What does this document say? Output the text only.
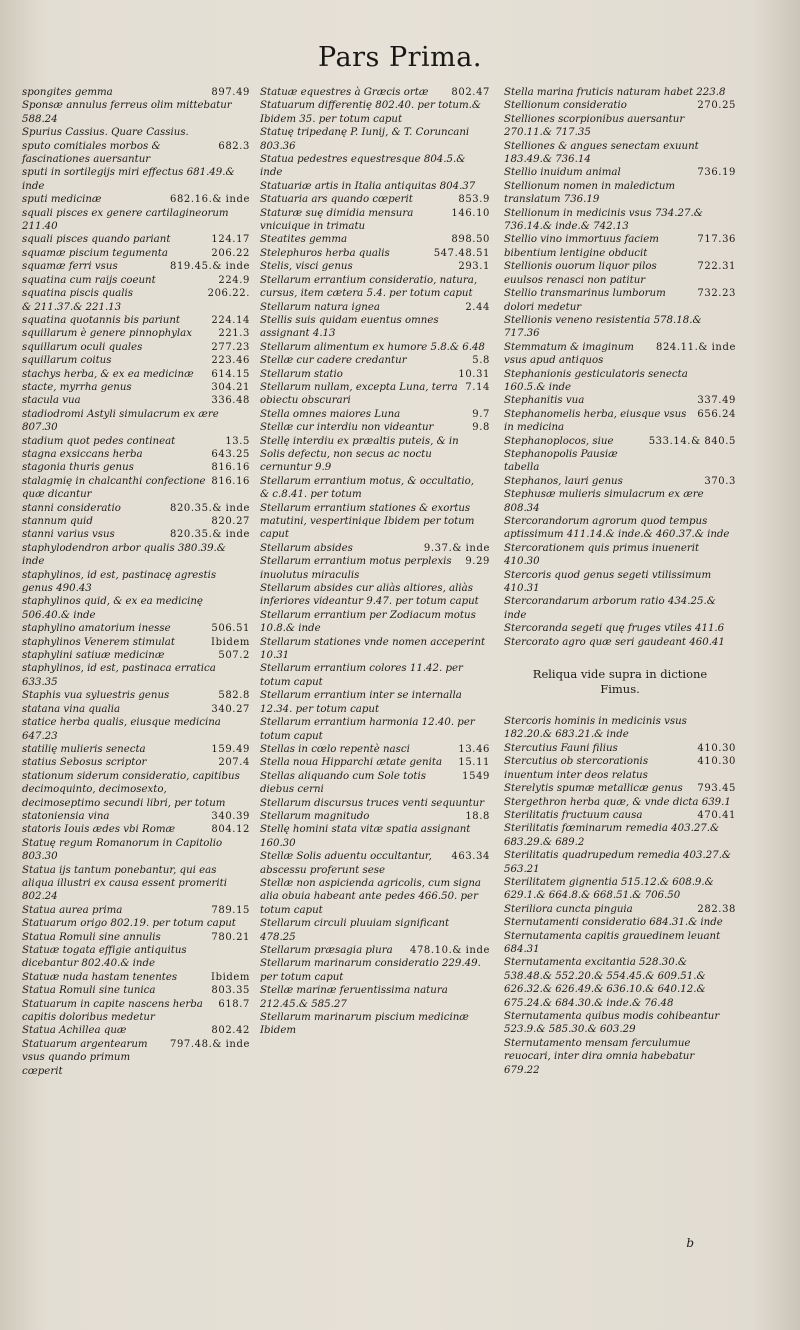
Pars Prima.
spongites gemma	897.49
Sponsæ annulus ferreus olim mittebatur 588.24
Spurius Cassius. Quare Cassius.
sputo comitiales morbos & fascinationes auersantur
682.3
sputi in sortilegijs miri effectus 681.49.& inde
sputi medicinæ	682.16.& inde
squali pisces ex genere cartilagineorum 211.40
squali pisces quando pariant	124.17
squamæ piscium tegumenta	206.22
squamæ ferri vsus	819.45.& inde
squatina cum raijs coeunt	224.9
squatina piscis qualis	206.22.
& 211.37.& 221.13
squatina quotannis bis pariunt	224.14
squillarum è genere pinnophylax	221.3
squillarum oculi quales	277.23
squillarum coitus	223.46
stachys herba, & ex ea medicinæ	614.15
stacte, myrrha genus	304.21
stacula vua	336.48
stadiodromi Astyli simulacrum ex ære 807.30
stadium quot pedes contineat	13.5
stagna exsiccans herba	643.25
stagonia thuris genus	816.16
stalagmię in chalcanthi confectione quæ dicantur
816.16
stanni consideratio	820.35.& inde
stannum quid	820.27
stanni varius vsus	820.35.& inde
staphylodendron arbor qualis 380.39.& inde
staphylinos, id est, pastinacę agrestis genus 490.43
staphylinos quid, & ex ea medicinę 506.40.& inde
staphylino amatorium inesse	506.51
staphylinos Venerem stimulat	Ibidem
staphylini satiuæ medicinæ	507.2
staphylinos, id est, pastinaca erratica 633.35
Staphis vua syluestris genus	582.8
statana vina qualia	340.27
statice herba qualis, eiusque medicina 647.23
statilię mulieris senecta	159.49
statius Sebosus scriptor	207.4
stationum siderum consideratio, capitibus decimoquinto, decimosexto, decimoseptimo secundi libri, per totum
statoniensia vina	340.39
statoris Iouis ædes vbi Romæ	804.12
Statuę regum Romanorum in Capitolio 803.30
Statua ijs tantum ponebantur, qui eas aliqua illustri ex causa essent promeriti 802.24
Statua aurea prima	789.15
Statuarum origo 802.19. per totum caput
Statua Romuli sine annulis	780.21
Statuæ togata effigie antiquitus dicebantur 802.40.& inde
Statuæ nuda hastam tenentes	Ibidem
Statua Romuli sine tunica	803.35
Statuarum in capite nascens herba capitis doloribus medetur
618.7
Statua Achillea quæ	802.42
Statuarum argentearum vsus quando primum cœperit
797.48.& inde
Statuæ equestres à Græcis ortæ	802.47
Statuarum differentię 802.40. per totum.& Ibidem 35. per totum caput
Statuę tripedanę P. Iunij, & T. Coruncani 803.36
Statua pedestres equestresque 804.5.& inde
Statuariæ artis in Italia antiquitas 804.37
Statuaria ars quando cœperit	853.9
Staturæ suę dimidia mensura vnicuique in trimatu
146.10
Steatites gemma	898.50
Stelephuros herba qualis	547.48.51
Stelis, visci genus	293.1
Stellarum errantium consideratio, natura, cursus, item cætera 5.4. per totum caput
Stellarum natura ignea	2.44
Stellis suis quidam euentus omnes assignant 4.13
Stellarum alimentum ex humore 5.8.& 6.48
Stellæ cur cadere credantur	5.8
Stellarum statio	10.31
Stellarum nullam, excepta Luna, terra obiectu obscurari
7.14
Stella omnes maiores Luna	9.7
Stellæ cur interdiu non videantur	9.8
Stellę interdiu ex præaltis puteis, & in Solis defectu, non secus ac noctu cernuntur 9.9
Stellarum errantium motus, & occultatio, & c.8.41. per totum
Stellarum errantium stationes & exortus matutini, vespertinique Ibidem per totum caput
Stellarum absides	9.37.& inde
Stellarum errantium motus perplexis inuolutus miraculis
9.29
Stellarum absides cur aliàs altiores, aliàs inferiores videantur 9.47. per totum caput
Stellarum errantium per Zodiacum motus 10.8.& inde
Stellarum stationes vnde nomen acceperint 10.31
Stellarum errantium colores 11.42. per totum caput
Stellarum errantium inter se internalla 12.34. per totum caput
Stellarum errantium harmonia 12.40. per totum caput
Stellas in cœlo repentè nasci	13.46
Stella noua Hipparchi ætate genita	15.11
Stellas aliquando cum Sole totis diebus cerni
1549
Stellarum discursus truces venti sequuntur
Stellarum magnitudo	18.8
Stellę homini stata vitæ spatia assignant 160.30
Stellæ Solis aduentu occultantur, abscessu proferunt sese
463.34
Stellæ non aspicienda agricolis, cum signa alia obuia habeant ante pedes 466.50. per totum caput
Stellarum circuli pluuiam significant 478.25
Stellarum præsagia plura	478.10.& inde
Stellarum marinarum consideratio 229.49. per totum caput
Stellæ marinæ feruentissima natura 212.45.& 585.27
Stellarum marinarum piscium medicinæ Ibidem
Stella marina fruticis naturam habet 223.8
Stellionum consideratio	270.25
Stelliones scorpionibus auersantur 270.11.& 717.35
Stelliones & angues senectam exuunt 183.49.& 736.14
Stellio inuidum animal	736.19
Stellionum nomen in maledictum translatum 736.19
Stellionum in medicinis vsus 734.27.& 736.14.& inde.& 742.13
Stellio vino immortuus faciem bibentium lentigine obducit
717.36
Stellionis ouorum liquor pilos euulsos renasci non patitur
722.31
Stellio transmarinus lumborum dolori medetur
732.23
Stellionis veneno resistentia 578.18.& 717.36
Stemmatum & imaginum vsus apud antiquos
824.11.& inde
Stephanionis gesticulatoris senecta 160.5.& inde
Stephanitis vua	337.49
Stephanomelis herba, eiusque vsus in medicina
656.24
Stephanoplocos, siue Stephanopolis Pausiæ tabella
533.14.& 840.5
Stephanos, lauri genus	370.3
Stephusæ mulieris simulacrum ex ære 808.34
Stercorandorum agrorum quod tempus aptissimum 411.14.& inde.& 460.37.& inde
Stercorationem quis primus inuenerit 410.30
Stercoris quod genus segeti vtilissimum 410.31
Stercorandarum arborum ratio 434.25.& inde
Stercoranda segeti quę fruges vtiles 411.6
Stercorato agro quæ seri gaudeant 460.41
Reliqua vide supra in dictione Fimus.
Stercoris hominis in medicinis vsus 182.20.& 683.21.& inde
Stercutius Fauni filius	410.30
Stercutius ob stercorationis inuentum inter deos relatus
410.30
Sterelytis spumæ metallicæ genus	793.45
Stergethron herba quæ, & vnde dicta 639.1
Sterilitatis fructuum causa	470.41
Sterilitatis fœminarum remedia 403.27.& 683.29.& 689.2
Sterilitatis quadrupedum remedia 403.27.& 563.21
Sterilitatem gignentia 515.12.& 608.9.& 629.1.& 664.8.& 668.51.& 706.50
Steriliora cuncta pinguia	282.38
Sternutamenti consideratio 684.31.& inde
Sternutamenta capitis grauedinem leuant 684.31
Sternutamenta excitantia 528.30.& 538.48.& 552.20.& 554.45.& 609.51.& 626.32.& 626.49.& 636.10.& 640.12.& 675.24.& 684.30.& inde.& 76.48
Sternutamenta quibus modis cohibeantur 523.9.& 585.30.& 603.29
Sternutamento mensam ferculumue reuocari, inter dira omnia habebatur 679.22
b
